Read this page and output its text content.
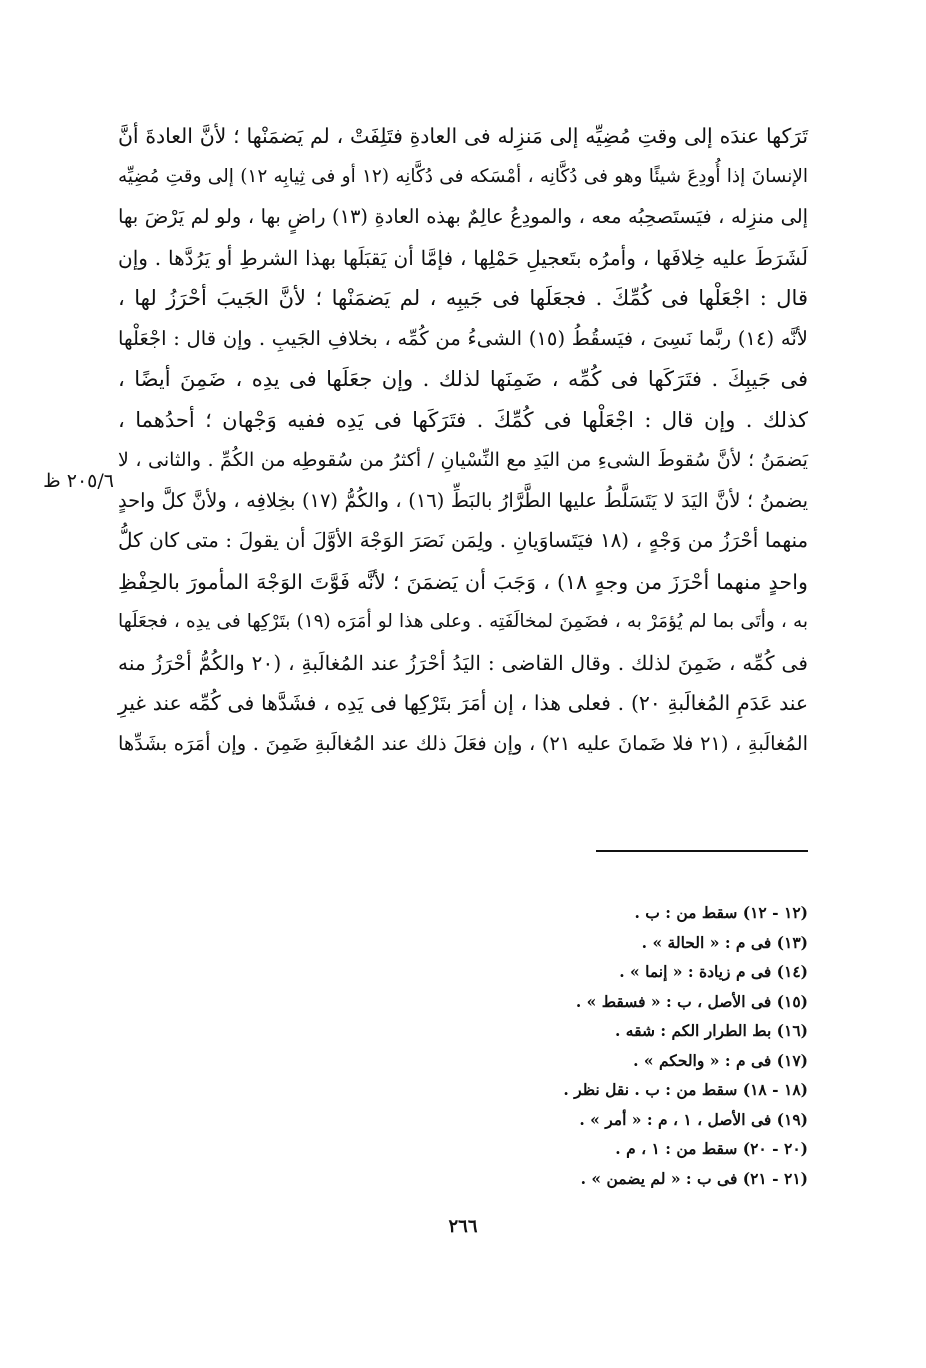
تَرَكها عندَه إلى وقتِ مُضِيِّه إلى مَنزِله فى العادةِ فتَلِفَتْ ، لم يَضمَنْها ؛ لأنَّ العادةَ أنَّ
الإنسانَ إذا أُودِعَ شيئًا وهو فى دُكَّانِه ، أمْسَكه فى دُكَّانِه (١٢ أو فى ثِيابِه ١٢) إلى وقتِ مُضِيِّه
إلى منزِله ، فيَستَصحِبُه معه ، والمودِعُ عالِمٌ بهذه العادةِ (١٣) راضٍ بها ، ولو لم يَرْضَ بها
لَشَرَطَ عليه خِلافَها ، وأمرُه بتَعجيلِ حَمْلِها ، فإمَّا أن يَقبَلَها بهذا الشرطِ أو يَرُدَّها . وإن
قال : اجْعَلْها فى كُمِّكَ . فجعَلَها فى جَيبِه ، لم يَضمَنْها ؛ لأنَّ الجَيبَ أحْرَزُ لها ،
لأنَّه (١٤) ربَّما نَسِىَ ، فيَسقُطُ (١٥) الشىءُ من كُمِّه ، بخلافِ الجَيبِ . وإن قال : اجْعَلْها
فى جَيبِكَ . فتَرَكَها فى كُمِّه ، ضَمِنَها لذلك . وإن جعَلَها فى يدِه ، ضَمِنَ أيضًا ،
كذلك . وإن قال : اجْعَلْها فى كُمِّكَ . فتَرَكَها فى يَدِه ففيه وَجْهان ؛ أحدُهما ،
يَضمَنُ ؛ لأنَّ سُقوطَ الشىءِ من اليَدِ مع النِّسْيانِ / أكثرُ من سُقوطِه من الكُمِّ . والثانى ، لا
يضمنُ ؛ لأنَّ اليَدَ لا يَتَسَلَّطُ عليها الطَّرَّارُ بالبَطِّ (١٦) ، والكُمُّ (١٧) بخِلافِه ، ولأنَّ كلَّ واحدٍ
منهما أحْرَزُ من وَجْهٍ ، (١٨ فيَتَساوَيانِ . ولِمَن نَصَرَ الوَجْهَ الأوَّلَ أن يقولَ : متى كان كلُّ
واحدٍ منهما أحْرَزَ من وجهٍ ١٨) ، وَجَبَ أن يَضمَنَ ؛ لأنَّه فَوَّتَ الوَجْهَ المأمورَ بالحِفْظِ
به ، وأتَى بما لم يُؤمَرْ به ، فضَمِنَ لمخالَفَتِه . وعلى هذا لو أمَرَه (١٩) بتَرْكِها فى يدِه ، فجعَلَها
فى كُمِّه ، ضَمِنَ لذلك . وقال القاضى : اليَدُ أحْرَزُ عند المُغالَبةِ ، (٢٠ والكُمُّ أحْرَزُ منه
عند عَدَمِ المُغالَبةِ ٢٠) . فعلى هذا ، إن أمَرَ بتَرْكِها فى يَدِه ، فشَدَّها فى كُمِّه عند غيرِ
المُغالَبةِ ، (٢١ فلا ضَمانَ عليه ٢١) ، وإن فعَلَ ذلك عند المُغالَبةِ ضَمِنَ . وإن أمَرَه بشَدِّها
٢٠٥/٦ ظ
(١٢ - ١٢) سقط من : ب .
(١٣) فى م : « الحالة » .
(١٤) فى م زيادة : « إنما » .
(١٥) فى الأصل ، ب : « فسقط » .
(١٦) بط الطرار الكم : شقه .
(١٧) فى م : « والحكم » .
(١٨ - ١٨) سقط من : ب . نقل نظر .
(١٩) فى الأصل ، ١ ، م : « أمر » .
(٢٠ - ٢٠) سقط من : ١ ، م .
(٢١ - ٢١) فى ب : « لم يضمن » .
٢٦٦
